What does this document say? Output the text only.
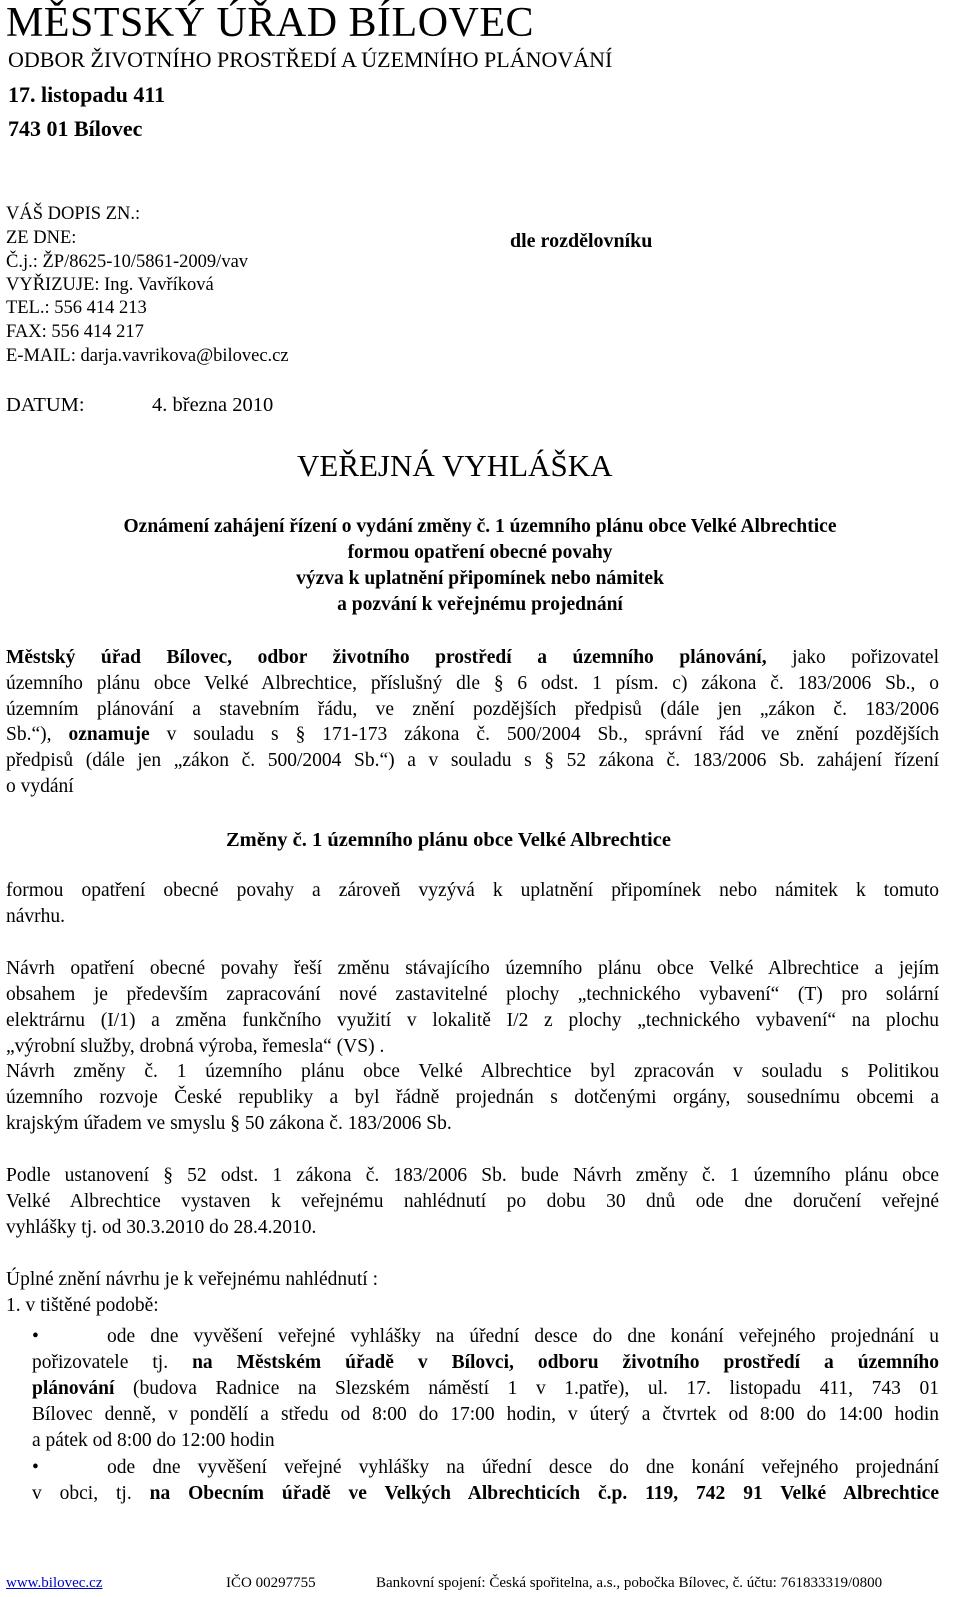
MĚSTSKÝ ÚŘAD BÍLOVEC
ODBOR ŽIVOTNÍHO PROSTŘEDÍ A ÚZEMNÍHO PLÁNOVÁNÍ
17. listopadu 411
743 01 Bílovec
VÁŠ DOPIS ZN.:
ZE DNE:
Č.j.: ŽP/8625-10/5861-2009/vav
VYŘIZUJE: Ing. Vavříková
TEL.: 556 414 213
FAX: 556 414 217
E-MAIL: darja.vavrikova@bilovec.cz
dle rozdělovníku
DATUM:	4. března 2010
VEŘEJNÁ VYHLÁŠKA
Oznámení zahájení řízení o vydání změny č. 1 územního plánu obce Velké Albrechtice
formou opatření obecné povahy
výzva k uplatnění připomínek nebo námitek
a pozvání k veřejnému projednání
Městský úřad Bílovec, odbor životního prostředí a územního plánování, jako pořizovatel
územního plánu obce Velké Albrechtice, příslušný dle § 6 odst. 1 písm. c) zákona č. 183/2006 Sb., o
územním plánování a stavebním řádu, ve znění pozdějších předpisů (dále jen „zákon č. 183/2006
Sb.“), oznamuje v souladu s § 171-173 zákona č. 500/2004 Sb., správní řád ve znění pozdějších
předpisů (dále jen „zákon č. 500/2004 Sb.“) a v souladu s § 52 zákona č. 183/2006 Sb. zahájení řízení
o vydání
Změny č. 1 územního plánu obce Velké Albrechtice
formou opatření obecné povahy a zároveň vyzývá k uplatnění připomínek nebo námitek k tomuto
návrhu.
Návrh opatření obecné povahy řeší změnu stávajícího územního plánu obce Velké Albrechtice a jejím
obsahem je především zapracování nové zastavitelné plochy „technického vybavení“ (T) pro solární
elektrárnu (I/1) a změna funkčního využití v lokalitě I/2 z plochy „technického vybavení“ na plochu
„výrobní služby, drobná výroba, řemesla“ (VS) .
Návrh změny č. 1 územního plánu obce Velké Albrechtice byl zpracován v souladu s Politikou
územního rozvoje České republiky a byl řádně projednán s dotčenými orgány, sousednímu obcemi a
krajským úřadem ve smyslu § 50 zákona č. 183/2006 Sb.
Podle ustanovení § 52 odst. 1 zákona č. 183/2006 Sb. bude Návrh změny č. 1 územního plánu obce
Velké Albrechtice vystaven k veřejnému nahlédnutí po dobu 30 dnů ode dne doručení veřejné
vyhlášky tj. od 30.3.2010 do 28.4.2010.
Úplné znění návrhu je k veřejnému nahlédnutí :
1. v tištěné podobě:
•	ode dne vyvěšení veřejné vyhlášky na úřední desce do dne konání veřejného projednání u
pořizovatele tj. na Městském úřadě v Bílovci, odboru životního prostředí a územního
plánování (budova Radnice na Slezském náměstí 1 v 1.patře), ul. 17. listopadu 411, 743 01
Bílovec denně, v pondělí a středu od 8:00 do 17:00 hodin, v úterý a čtvrtek od 8:00 do 14:00 hodin
a pátek od 8:00 do 12:00 hodin
•	ode dne vyvěšení veřejné vyhlášky na úřední desce do dne konání veřejného projednání
v obci, tj. na Obecním úřadě ve Velkých Albrechticích č.p. 119, 742 91 Velké Albrechtice
www.bilovec.cz	IČO 00297755	Bankovní spojení: Česká spořitelna, a.s., pobočka Bílovec, č. účtu: 761833319/0800
